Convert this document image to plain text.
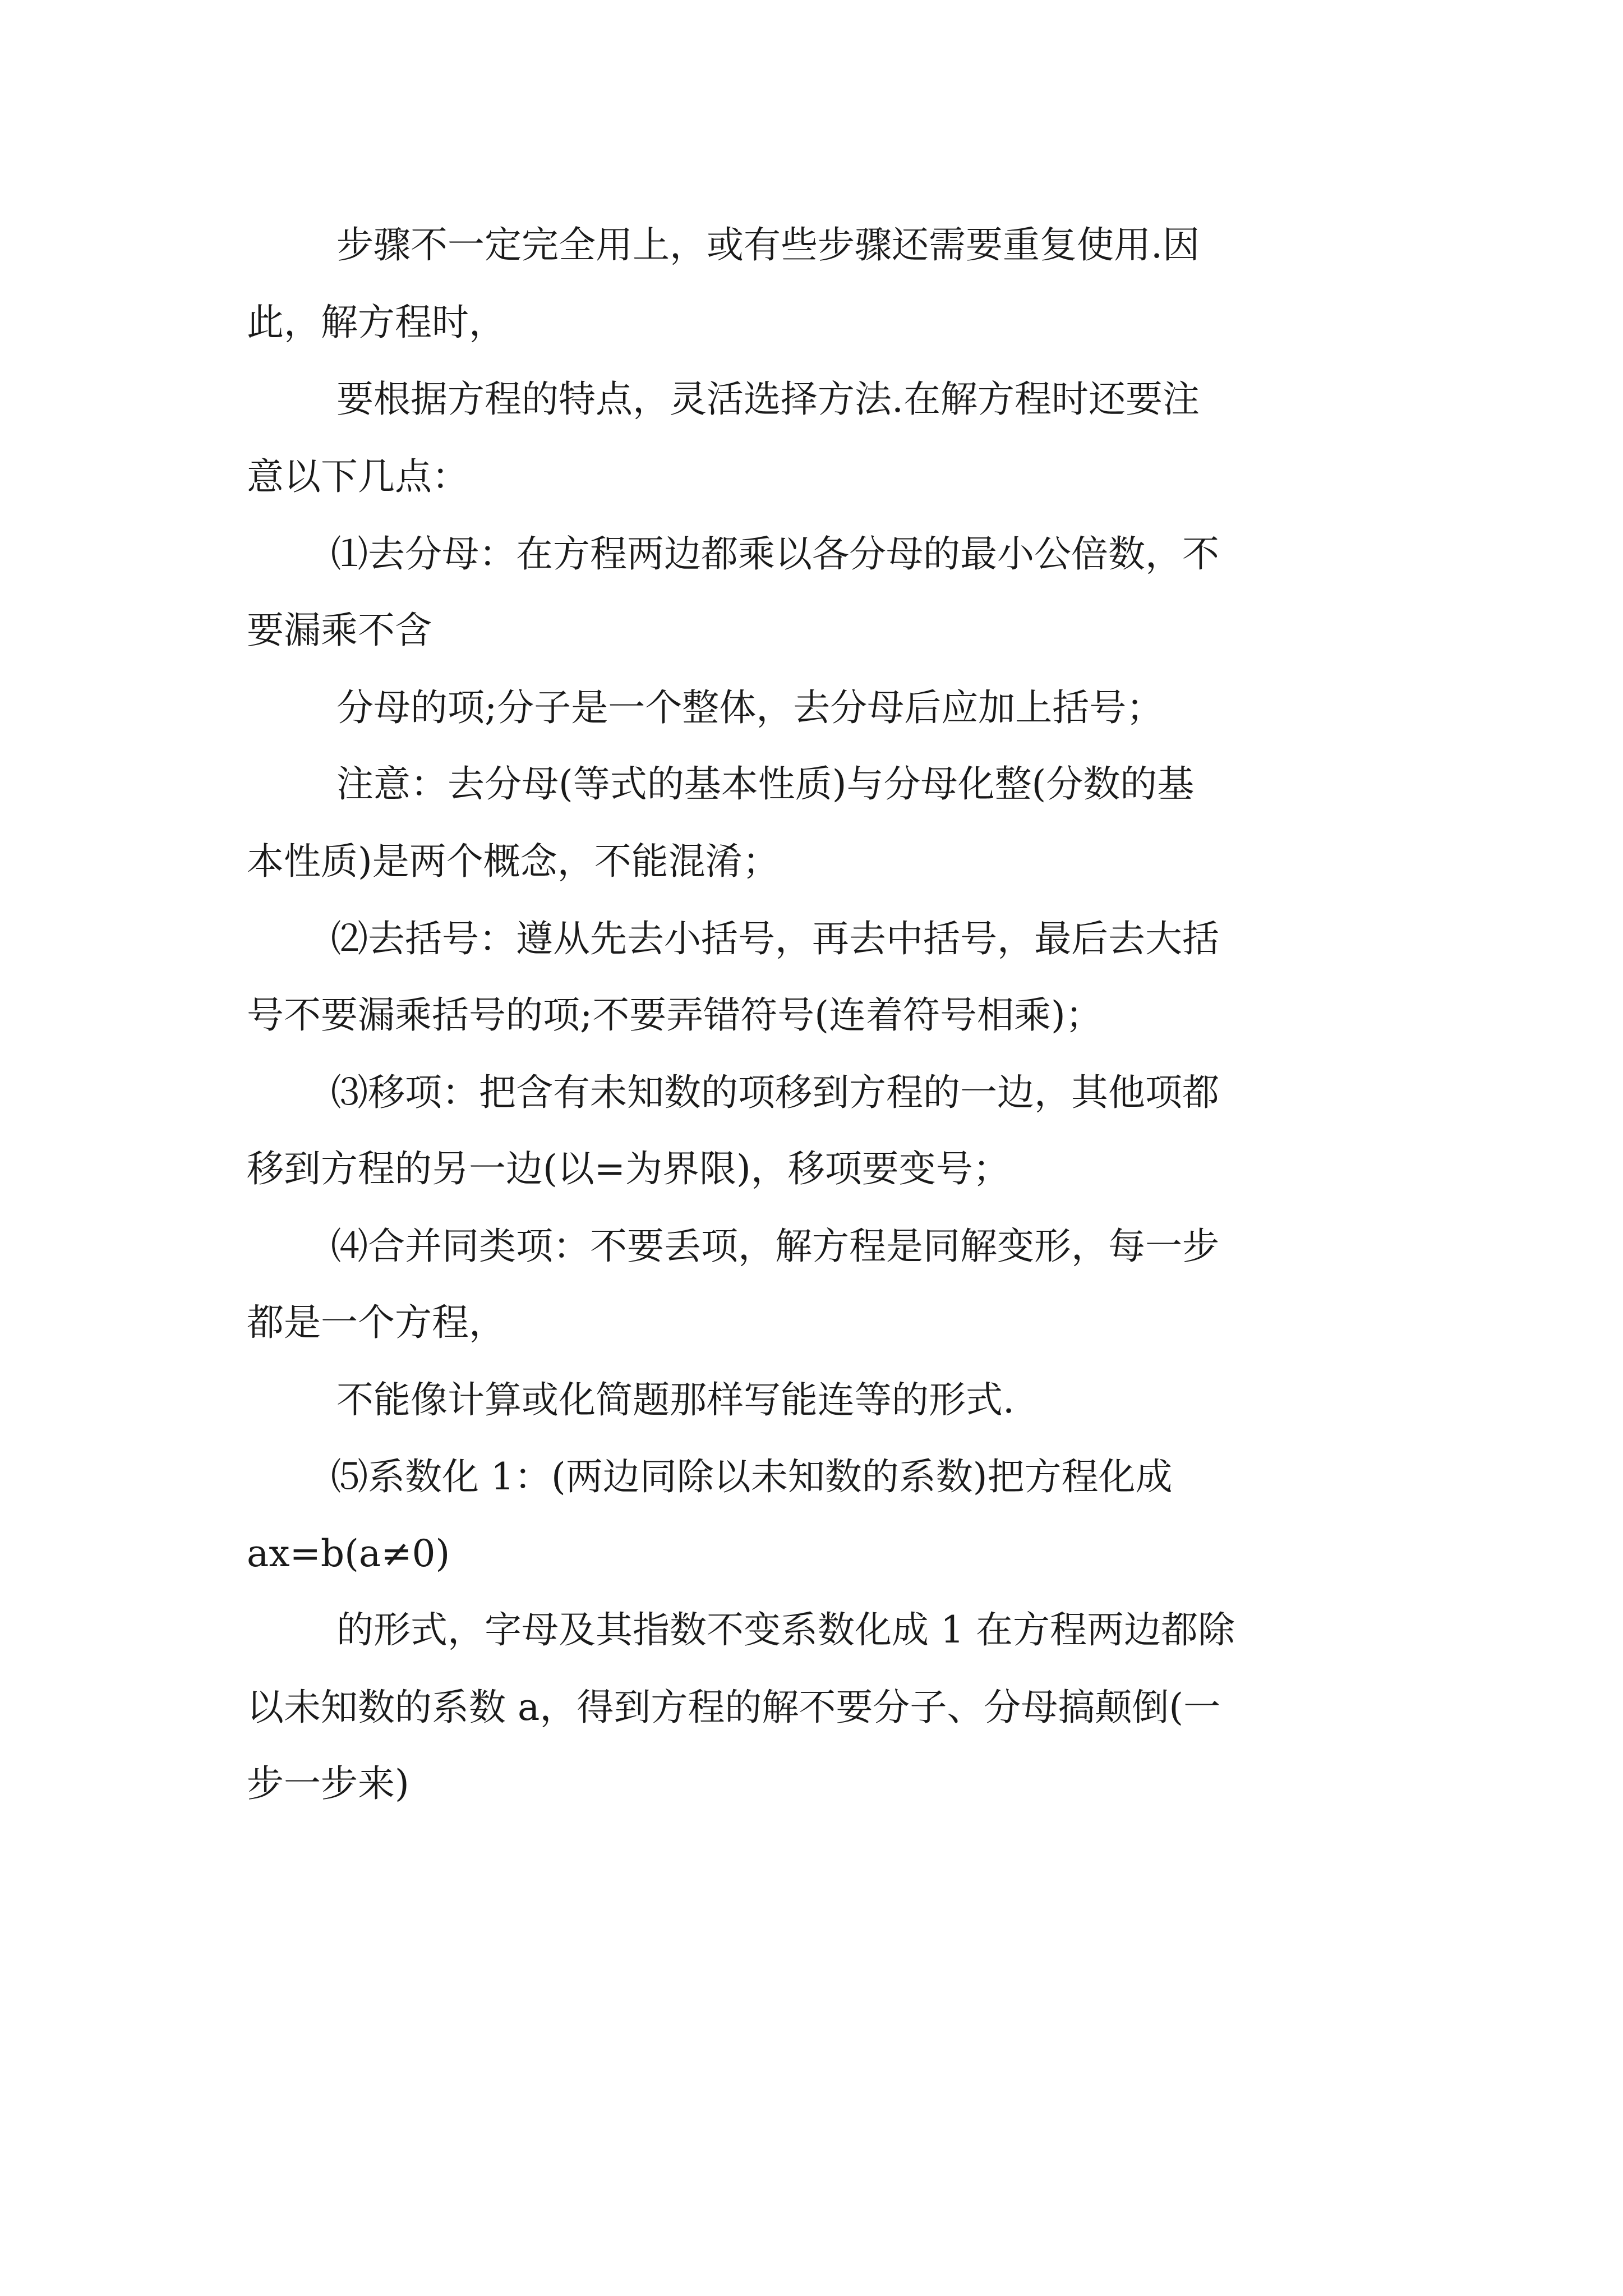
步骤不一定完全用上，或有些步骤还需要重复使用.因
此，解方程时，
要根据方程的特点，灵活选择方法.在解方程时还要注
意以下几点：
⑴去分母：在方程两边都乘以各分母的最小公倍数，不
要漏乘不含
分母的项;分子是一个整体，去分母后应加上括号；
注意：去分母(等式的基本性质)与分母化整(分数的基
本性质)是两个概念，不能混淆；
⑵去括号：遵从先去小括号，再去中括号，最后去大括
号不要漏乘括号的项;不要弄错符号(连着符号相乘)；
⑶移项：把含有未知数的项移到方程的一边，其他项都
移到方程的另一边(以=为界限)，移项要变号；
⑷合并同类项：不要丢项，解方程是同解变形，每一步
都是一个方程，
不能像计算或化简题那样写能连等的形式.
⑸系数化 1：(两边同除以未知数的系数)把方程化成
ax=b(a≠0)
的形式，字母及其指数不变系数化成 1 在方程两边都除
以未知数的系数 a，得到方程的解不要分子、分母搞颠倒(一
步一步来)
